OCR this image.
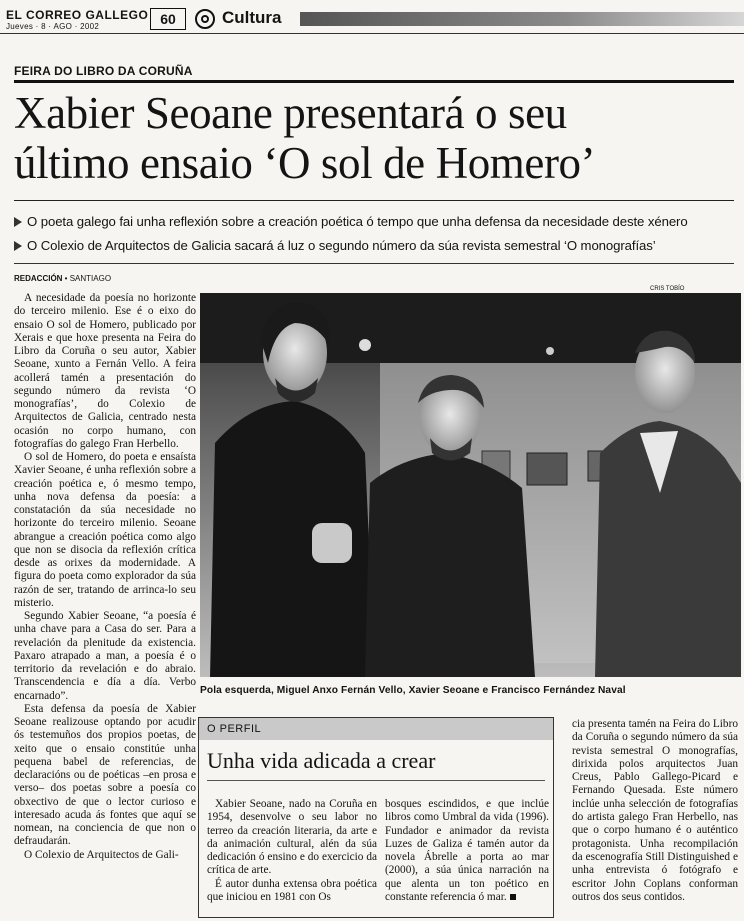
EL CORREO GALLEGO
Jueves · 8 · AGO · 2002	60	Cultura
FEIRA DO LIBRO DA CORUÑA
Xabier Seoane presentará o seu
último ensaio ‘O sol de Homero’
O poeta galego fai unha reflexión sobre a creación poética ó tempo que unha defensa da necesidade deste xénero
O Colexio de Arquitectos de Galicia sacará á luz o segundo número da súa revista semestral ‘O monografías’
REDACCIÓN • SANTIAGO

A necesidade da poesía no horizonte do terceiro milenio. Ese é o eixo do ensaio O sol de Homero, publicado por Xerais e que hoxe presenta na Feira do Libro da Coruña o seu autor, Xabier Seoane, xunto a Fernán Vello. A feira acollerá tamén a presentación do segundo número da revista ‘O monografías’, do Colexio de Arquitectos de Galicia, centrado nesta ocasión no corpo humano, con fotografías do galego Fran Herbello.

O sol de Homero, do poeta e ensaísta Xavier Seoane, é unha reflexión sobre a creación poética e, ó mesmo tempo, unha nova defensa da poesía: a constatación da súa necesidade no horizonte do terceiro milenio. Seoane abrangue a creación poética como algo que non se disocia da reflexión crítica desde as orixes da modernidade. A figura do poeta como explorador da súa razón de ser, tratando de arrinca-lo seu misterio.

Segundo Xabier Seoane, “a poesía é unha chave para a Casa do ser. Para a revelación da plenitude da existencia. Paxaro atrapado a man, a poesía é o territorio da revelación e do abraio. Transcendencia e día a día. Verbo encarnado”.

Esta defensa da poesía de Xabier Seoane realizouse optando por acudir ós testemuños dos propios poetas, de xeito que o ensaio constitúe unha pequena babel de referencias, de declaracións ou de poéticas –en prosa e verso– dos poetas sobre a poesía co obxectivo de que o lector curioso e interesado acuda ás fontes que aquí se nomean, na conciencia de que non o defraudarán.

O Colexio de Arquitectos de Gali-

CRIS TOBÍO
Pola esquerda, Miguel Anxo Fernán Vello, Xavier Seoane e Francisco Fernández Naval
O PERFIL
Unha vida adicada a crear

Xabier Seoane, nado na Coruña en 1954, desenvolve o seu labor no terreo da creación literaria, da arte e da animación cultural, alén da súa dedicación ó ensino e do exercicio da crítica de arte.

É autor dunha extensa obra poética que iniciou en 1981 con Os

bosques escindidos, e que inclúe libros como Umbral da vida (1996). Fundador e animador da revista Luzes de Galiza é tamén autor da novela Ábrelle a porta ao mar (2000), a súa única narración na que alenta un ton poético en constante referencia ó mar.

cia presenta tamén na Feira do Libro da Coruña o segundo número da súa revista semestral O monografías, dirixida polos arquitectos Juan Creus, Pablo Gallego-Picard e Fernando Quesada. Este número inclúe unha selección de fotografías do artista galego Fran Herbello, nas que o corpo humano é o auténtico protagonista. Unha recompilación da escenografía Still Distinguished e unha entrevista ó fotógrafo e escritor John Coplans conforman outros dos seus contidos.
